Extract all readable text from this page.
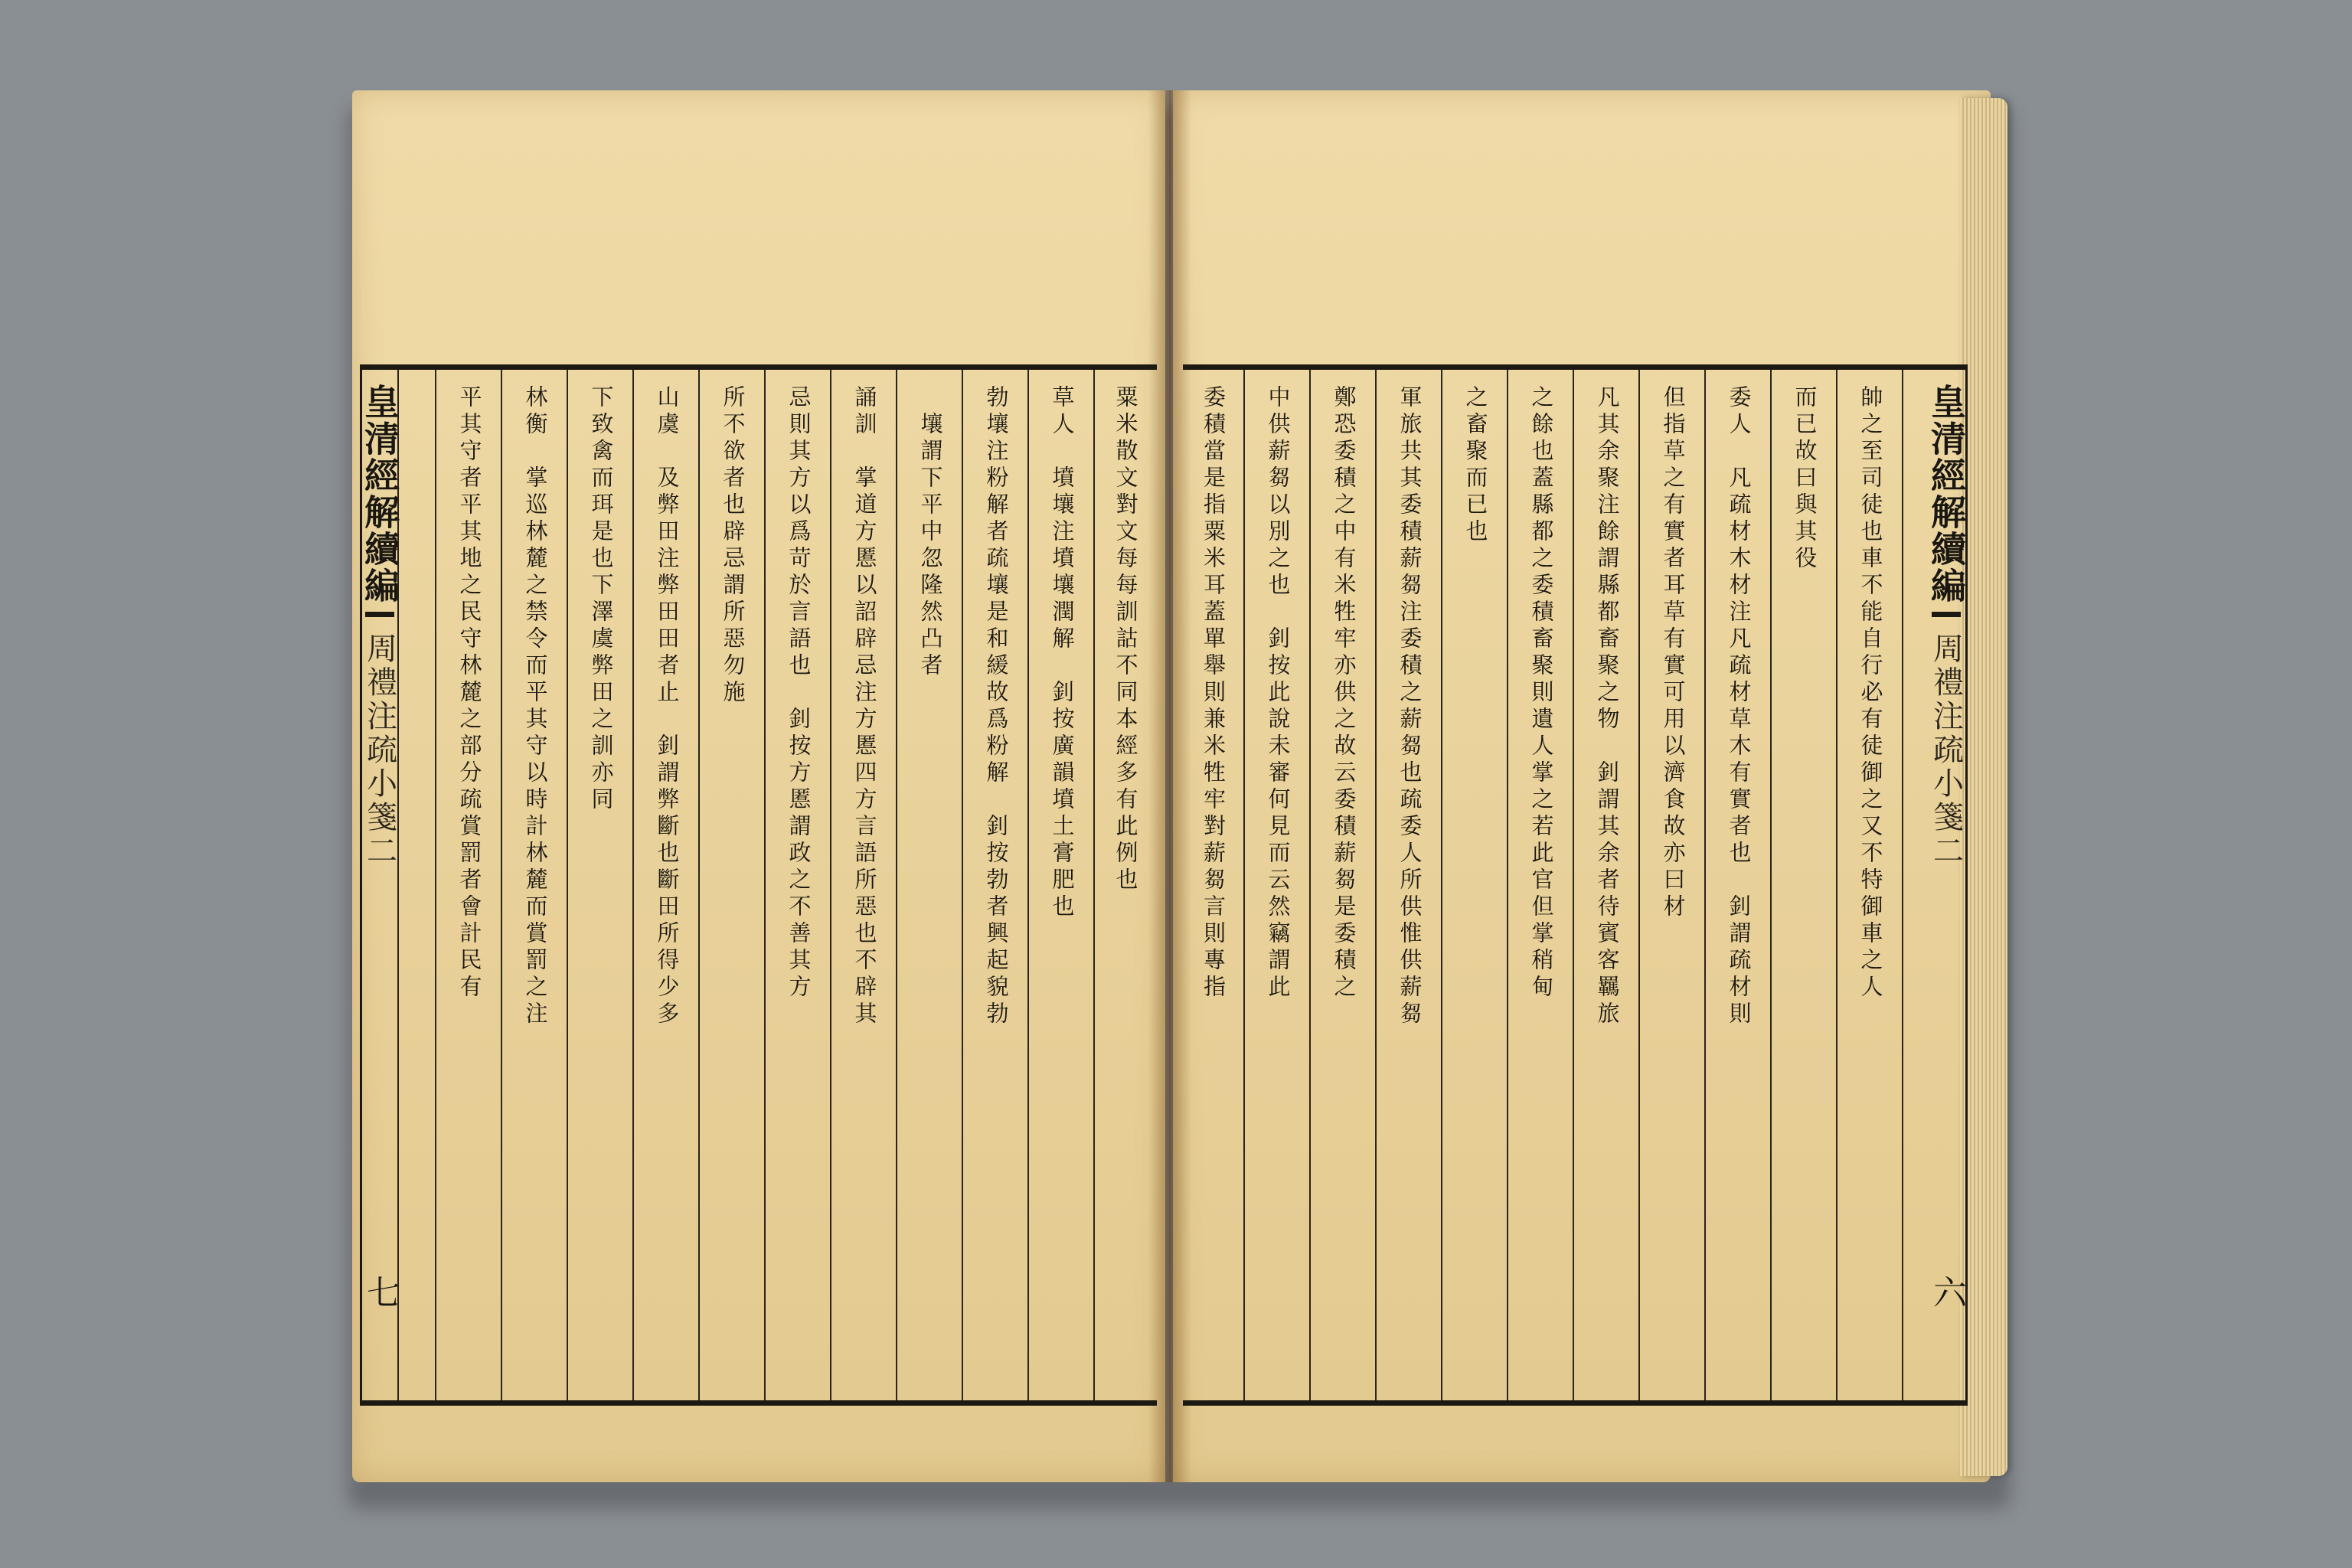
皇清經解續編
周禮注疏小箋二
七
粟米散文對文每每訓詁不同本經多有此例也
草人　墳壤注墳壤潤解　釗按廣韻墳土膏肥也
勃壤注粉解者疏壤是和緩故爲粉解　釗按勃者興起貌勃
　壤謂下平中忽隆然凸者
誦訓　掌道方慝以詔辟忌注方慝四方言語所惡也不辟其
忌則其方以爲苛於言語也　釗按方慝謂政之不善其方
所不欲者也辟忌謂所惡勿施
山虞　及弊田注弊田田者止　釗謂弊斷也斷田所得少多
下致禽而珥是也下澤虞弊田之訓亦同
林衡　掌巡林麓之禁令而平其守以時計林麓而賞罰之注
平其守者平其地之民守林麓之部分疏賞罰者會計民有	委積當是指粟米耳蓋單舉則兼米牲牢對薪芻言則專指 中供薪芻以別之也　釗按此說未審何見而云然竊謂此 鄭恐委積之中有米牲牢亦供之故云委積薪芻是委積之 軍旅共其委積薪芻注委積之薪芻也疏委人所供惟供薪芻 之畜聚而已也 之餘也蓋縣都之委積畜聚則遺人掌之若此官但掌稍甸 凡其余聚注餘謂縣都畜聚之物　釗謂其余者待賓客羈旅 但指草之有實者耳草有實可用以濟食故亦曰材 委人　凡疏材木材注凡疏材草木有實者也　釗謂疏材則 而已故曰與其役 帥之至司徒也車不能自行必有徒御之又不特御車之人 皇清經解續編
周禮注疏小箋二
六
